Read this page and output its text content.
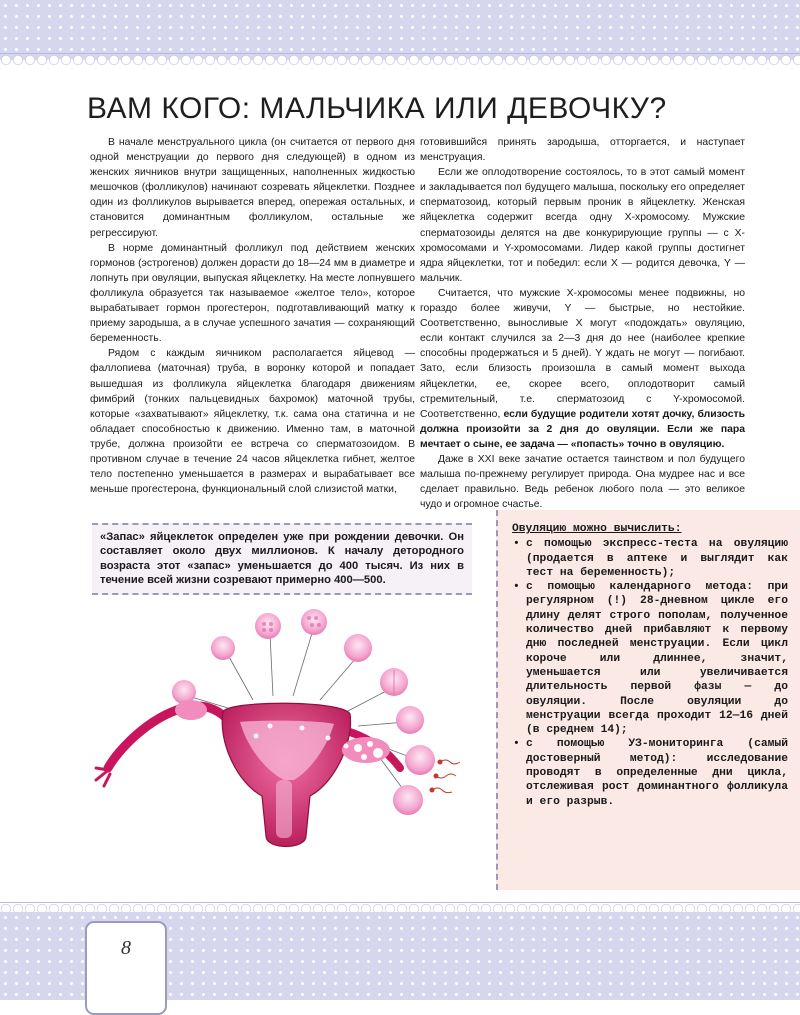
ВАМ КОГО: МАЛЬЧИКА ИЛИ ДЕВОЧКУ?

В начале менструального цикла (он считается от первого дня одной менструации до первого дня следующей) в одном из женских яичников внутри защищенных, наполненных жидкостью мешочков (фолликулов) начинают созревать яйцеклетки. Позднее один из фолликулов вырывается вперед, опережая остальных, и становится доминантным фолликулом, остальные же регрессируют.

В норме доминантный фолликул под действием женских гормонов (эстрогенов) должен дорасти до 18—24 мм в диаметре и лопнуть при овуляции, выпуская яйцеклетку. На месте лопнувшего фолликула образуется так называемое «желтое тело», которое вырабатывает гормон прогестерон, подготавливающий матку к приему зародыша, а в случае успешного зачатия — сохраняющий беременность.

Рядом с каждым яичником располагается яйцевод — фаллопиева (маточная) труба, в воронку которой и попадает вышедшая из фолликула яйцеклетка благодаря движениям фимбрий (тонких пальцевидных бахромок) маточной трубы, которые «захватывают» яйцеклетку, т.к. сама она статична и не обладает способностью к движению. Именно там, в маточной трубе, должна произойти ее встреча со сперматозоидом. В противном случае в течение 24 часов яйцеклетка гибнет, желтое тело постепенно уменьшается в размерах и вырабатывает все меньше прогестерона, функциональный слой слизистой матки,

готовившийся принять зародыша, отторгается, и наступает менструация.

Если же оплодотворение состоялось, то в этот самый момент и закладывается пол будущего малыша, поскольку его определяет сперматозоид, который первым проник в яйцеклетку. Женская яйцеклетка содержит всегда одну Х-хромосому. Мужские сперматозоиды делятся на две конкурирующие группы — с Х-хромосомами и Y-хромосомами. Лидер какой группы достигнет ядра яйцеклетки, тот и победил: если Х — родится девочка, Y — мальчик.

Считается, что мужские Х-хромосомы менее подвижны, но гораздо более живучи, Y — быстрые, но нестойкие. Соответственно, выносливые Х могут «подождать» овуляцию, если контакт случился за 2—3 дня до нее (наиболее крепкие способны продержаться и 5 дней). Y ждать не могут — погибают. Зато, если близость произошла в самый момент выхода яйцеклетки, ее, скорее всего, оплодотворит самый стремительный, т.е. сперматозоид с Y-хромосомой. Соответственно, если будущие родители хотят дочку, близость должна произойти за 2 дня до овуляции. Если же пара мечтает о сыне, ее задача — «попасть» точно в овуляцию.

Даже в XXI веке зачатие остается таинством и пол будущего малыша по-прежнему регулирует природа. Она мудрее нас и все сделает правильно. Ведь ребенок любого пола — это великое чудо и огромное счастье.

«Запас» яйцеклеток определен уже при рождении девочки. Он составляет около двух миллионов. К началу детородного возраста этот «запас» уменьшается до 400 тысяч. Из них в течение всей жизни созревают примерно 400—500.
Овуляцию можно вычислить:
• с помощью экспресс-теста на овуляцию (продается в аптеке и выглядит как тест на беременность);
• с помощью календарного метода: при регулярном (!) 28-дневном цикле его длину делят строго пополам, полученное количество дней прибавляют к первому дню последней менструации. Если цикл короче или длиннее, значит, уменьшается или увеличивается длительность первой фазы — до овуляции. После овуляции до менструации всегда проходит 12—16 дней (в среднем 14);
• с помощью УЗ-мониторинга (самый достоверный метод): исследование проводят в определенные дни цикла, отслеживая рост доминантного фолликула и его разрыв.
8
